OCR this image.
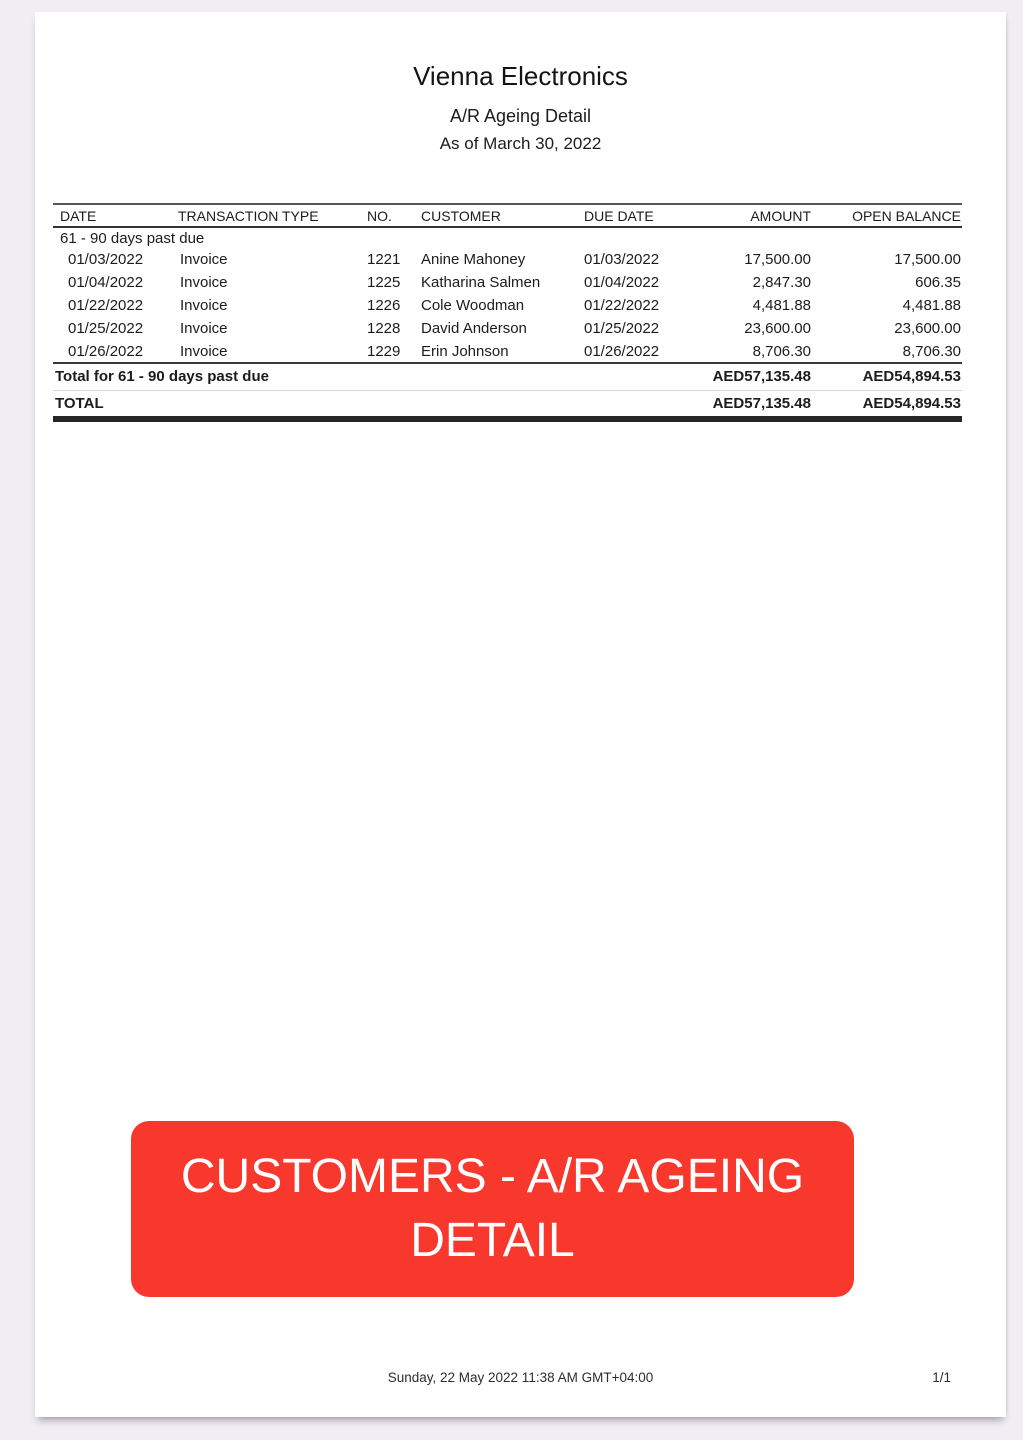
Vienna Electronics
A/R Ageing Detail
As of March 30, 2022
DATE	TRANSACTION TYPE	NO.	CUSTOMER	DUE DATE	AMOUNT	OPEN BALANCE
61 - 90 days past due						
01/03/2022	Invoice	1221	Anine Mahoney	01/03/2022	17,500.00	17,500.00
01/04/2022	Invoice	1225	Katharina Salmen	01/04/2022	2,847.30	606.35
01/22/2022	Invoice	1226	Cole Woodman	01/22/2022	4,481.88	4,481.88
01/25/2022	Invoice	1228	David Anderson	01/25/2022	23,600.00	23,600.00
01/26/2022	Invoice	1229	Erin Johnson	01/26/2022	8,706.30	8,706.30
Total for 61 - 90 days past due					AED57,135.48	AED54,894.53
TOTAL					AED57,135.48	AED54,894.53
CUSTOMERS - A/R AGEING DETAIL
Sunday, 22 May 2022 11:38 AM GMT+04:00	1/1
